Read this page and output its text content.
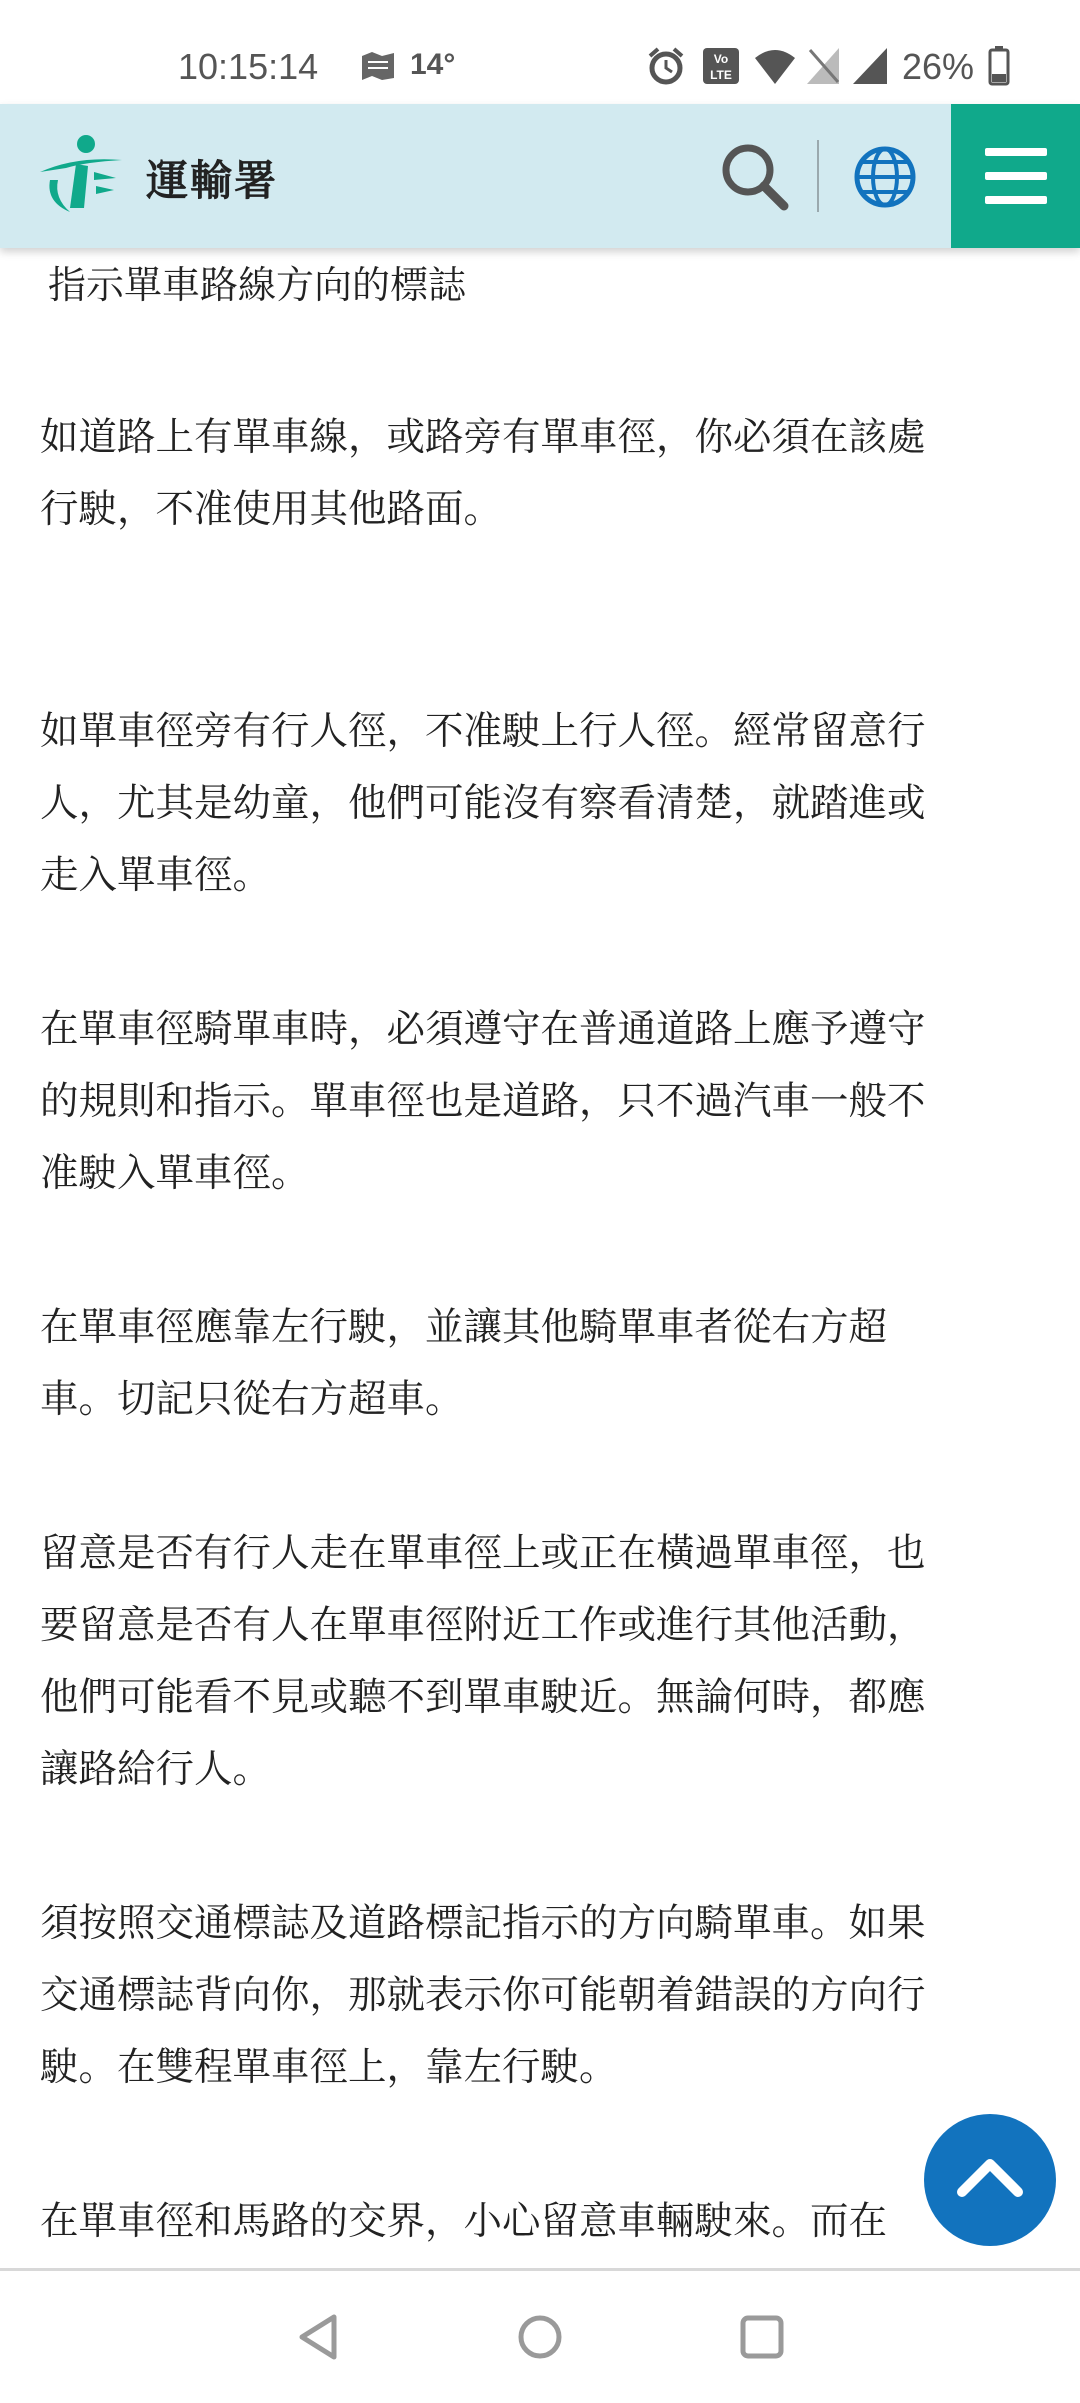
10:15:14	14°	Vo
LTE	26%
運輸署
指示單車路線方向的標誌
如道路上有單車線，或路旁有單車徑，你必須在該處
行駛，不准使用其他路面。
如單車徑旁有行人徑，不准駛上行人徑。經常留意行
人，尤其是幼童，他們可能沒有察看清楚，就踏進或
走入單車徑。
在單車徑騎單車時，必須遵守在普通道路上應予遵守
的規則和指示。單車徑也是道路，只不過汽車一般不
准駛入單車徑。
在單車徑應靠左行駛，並讓其他騎單車者從右方超
車。切記只從右方超車。
留意是否有行人走在單車徑上或正在橫過單車徑，也
要留意是否有人在單車徑附近工作或進行其他活動，
他們可能看不見或聽不到單車駛近。無論何時，都應
讓路給行人。
須按照交通標誌及道路標記指示的方向騎單車。如果
交通標誌背向你，那就表示你可能朝着錯誤的方向行
駛。在雙程單車徑上，靠左行駛。
在單車徑和馬路的交界，小心留意車輛駛來。而在
